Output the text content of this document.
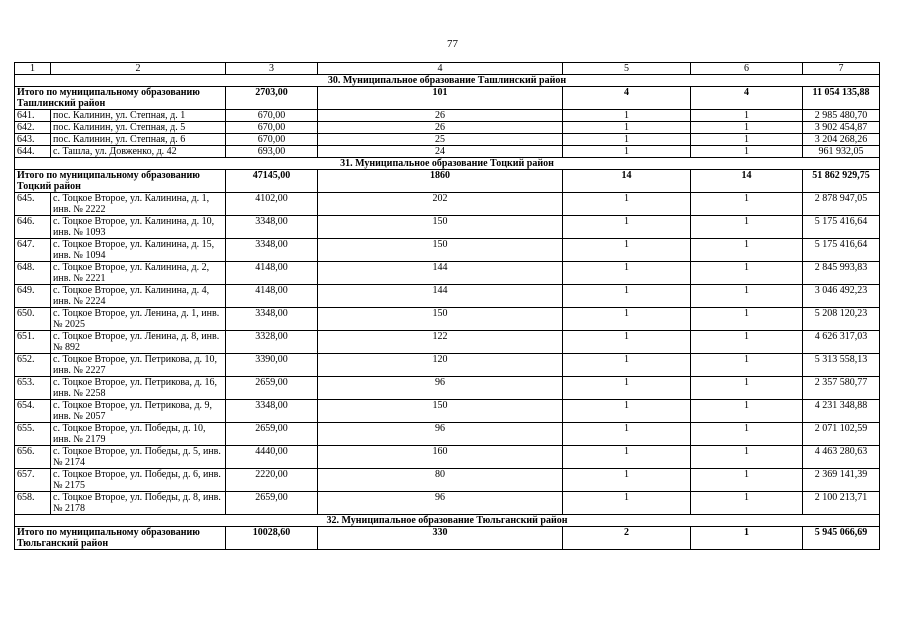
77
1	2	3	4	5	6	7
30. Муниципальное образование Ташлинский район						
Итого по муниципальному образованию Ташлинский район		2703,00	101	4	4	11 054 135,88
641.	пос. Калинин, ул. Степная, д. 1	670,00	26	1	1	2 985 480,70
642.	пос. Калинин, ул. Степная, д. 5	670,00	26	1	1	3 902 454,87
643.	пос. Калинин, ул. Степная, д. 6	670,00	25	1	1	3 204 268,26
644.	с. Ташла, ул. Довженко, д. 42	693,00	24	1	1	961 932,05
31. Муниципальное образование Тоцкий район						
Итого по муниципальному образованию Тоцкий район		47145,00	1860	14	14	51 862 929,75
645.	с. Тоцкое Второе, ул. Калинина, д. 1, инв. № 2222	4102,00	202	1	1	2 878 947,05
646.	с. Тоцкое Второе, ул. Калинина, д. 10, инв. № 1093	3348,00	150	1	1	5 175 416,64
647.	с. Тоцкое Второе, ул. Калинина, д. 15, инв. № 1094	3348,00	150	1	1	5 175 416,64
648.	с. Тоцкое Второе, ул. Калинина, д. 2, инв. № 2221	4148,00	144	1	1	2 845 993,83
649.	с. Тоцкое Второе, ул. Калинина, д. 4, инв. № 2224	4148,00	144	1	1	3 046 492,23
650.	с. Тоцкое Второе, ул. Ленина, д. 1, инв. № 2025	3348,00	150	1	1	5 208 120,23
651.	с. Тоцкое Второе, ул. Ленина, д. 8, инв. № 892	3328,00	122	1	1	4 626 317,03
652.	с. Тоцкое Второе, ул. Петрикова, д. 10, инв. № 2227	3390,00	120	1	1	5 313 558,13
653.	с. Тоцкое Второе, ул. Петрикова, д. 16, инв. № 2258	2659,00	96	1	1	2 357 580,77
654.	с. Тоцкое Второе, ул. Петрикова, д. 9, инв. № 2057	3348,00	150	1	1	4 231 348,88
655.	с. Тоцкое Второе, ул. Победы, д. 10, инв. № 2179	2659,00	96	1	1	2 071 102,59
656.	с. Тоцкое Второе, ул. Победы, д. 5, инв. № 2174	4440,00	160	1	1	4 463 280,63
657.	с. Тоцкое Второе, ул. Победы, д. 6, инв. № 2175	2220,00	80	1	1	2 369 141,39
658.	с. Тоцкое Второе, ул. Победы, д. 8, инв. № 2178	2659,00	96	1	1	2 100 213,71
32. Муниципальное образование Тюльганский район						
Итого по муниципальному образованию Тюльганский район		10028,60	330	2	1	5 945 066,69
